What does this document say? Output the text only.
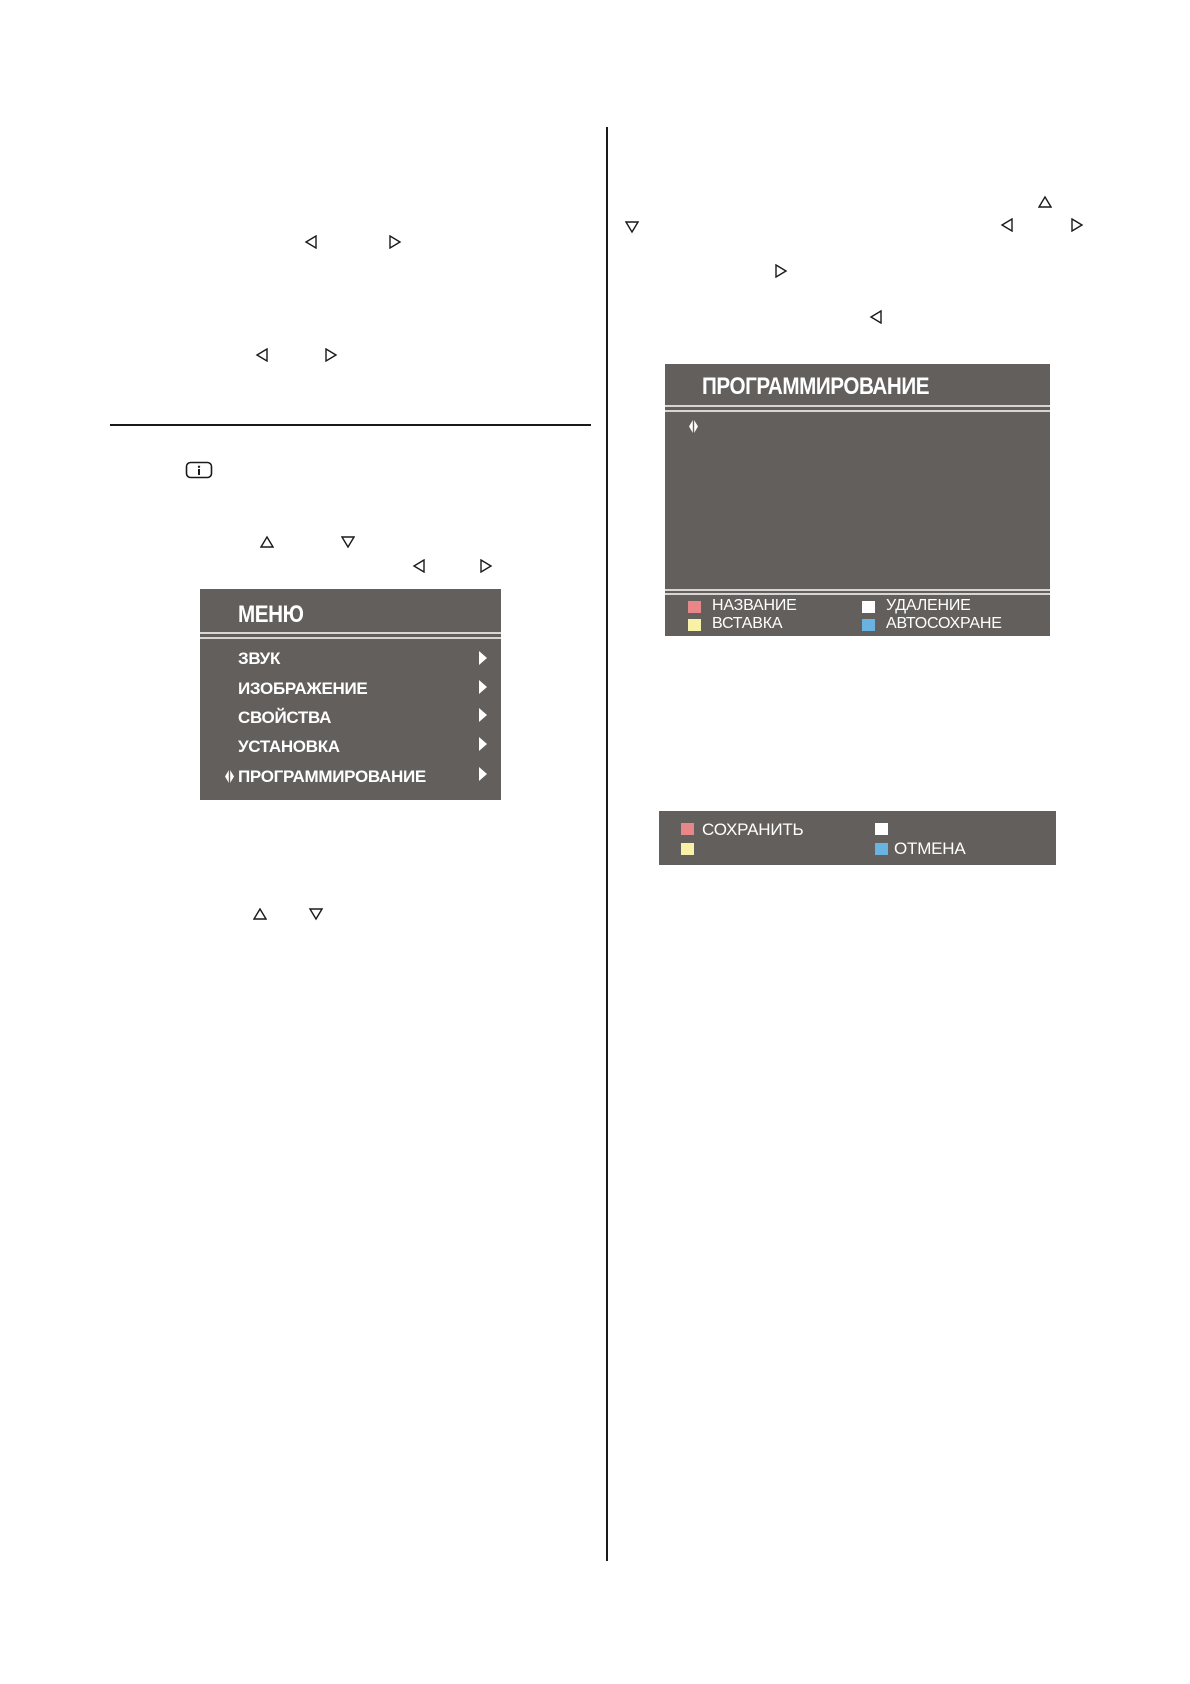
МЕНЮ
ЗВУК
ИЗОБРАЖЕНИЕ
СВОЙСТВА
УСТАНОВКА
ПРОГРАММИРОВАНИЕ
ПРОГРАММИРОВАНИЕ
НАЗВАНИЕ	УДАЛЕНИЕ
ВСТАВКА	АВТОСОХРАНЕ
СОХРАНИТЬ
ОТМЕНА
